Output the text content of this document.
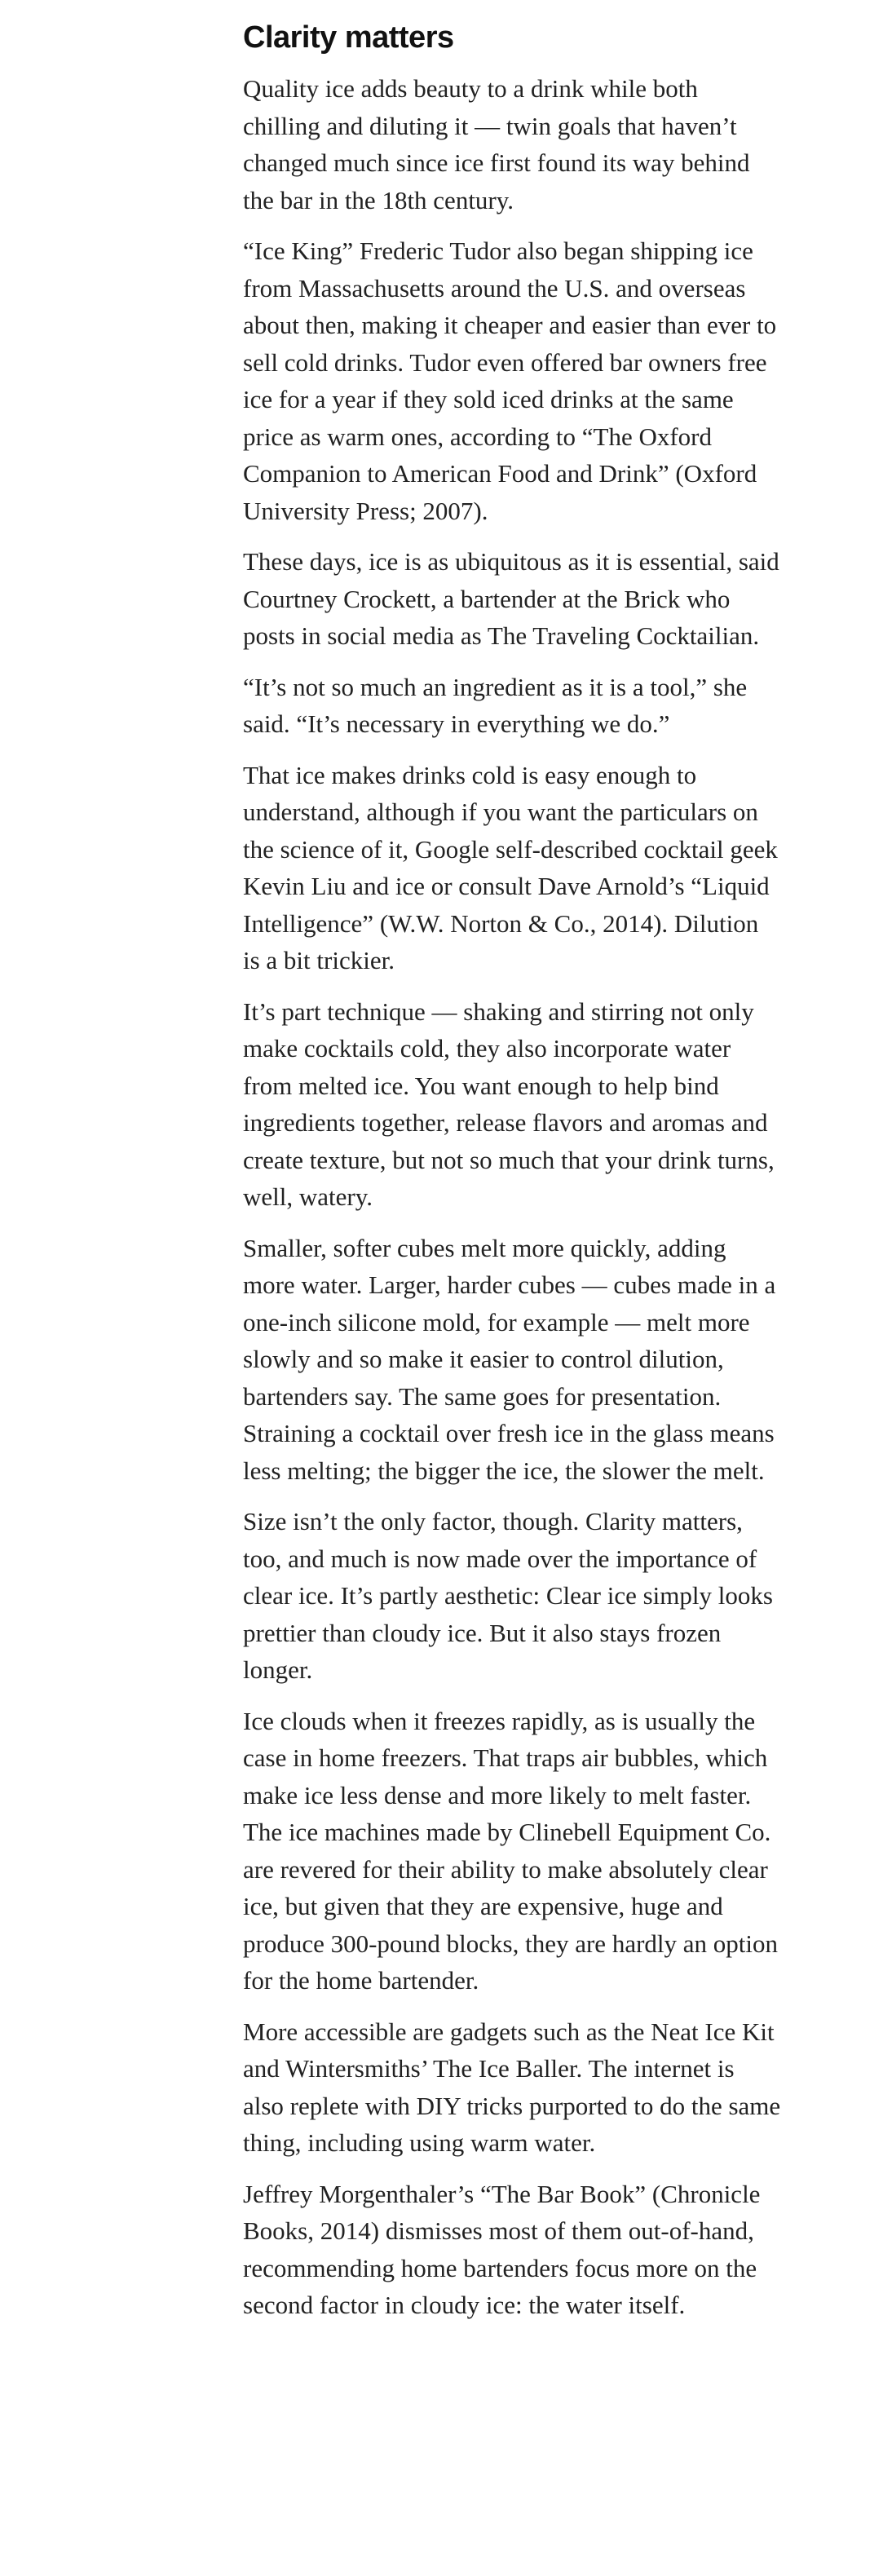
Clarity matters

Quality ice adds beauty to a drink while both chilling and diluting it — twin goals that haven’t changed much since ice first found its way behind the bar in the 18th century.

“Ice King” Frederic Tudor also began shipping ice from Massachusetts around the U.S. and overseas about then, making it cheaper and easier than ever to sell cold drinks. Tudor even offered bar owners free ice for a year if they sold iced drinks at the same price as warm ones, according to “The Oxford Companion to American Food and Drink” (Oxford University Press; 2007).

These days, ice is as ubiquitous as it is essential, said Courtney Crockett, a bartender at the Brick who posts in social media as The Traveling Cocktailian.

“It’s not so much an ingredient as it is a tool,” she said. “It’s necessary in everything we do.”

That ice makes drinks cold is easy enough to understand, although if you want the particulars on the science of it, Google self-described cocktail geek Kevin Liu and ice or consult Dave Arnold’s “Liquid Intelligence” (W.W. Norton & Co., 2014). Dilution is a bit trickier.

It’s part technique — shaking and stirring not only make cocktails cold, they also incorporate water from melted ice. You want enough to help bind ingredients together, release flavors and aromas and create texture, but not so much that your drink turns, well, watery.

Smaller, softer cubes melt more quickly, adding more water. Larger, harder cubes — cubes made in a one-inch silicone mold, for example — melt more slowly and so make it easier to control dilution, bartenders say. The same goes for presentation. Straining a cocktail over fresh ice in the glass means less melting; the bigger the ice, the slower the melt.

Size isn’t the only factor, though. Clarity matters, too, and much is now made over the importance of clear ice. It’s partly aesthetic: Clear ice simply looks prettier than cloudy ice. But it also stays frozen longer.

Ice clouds when it freezes rapidly, as is usually the case in home freezers. That traps air bubbles, which make ice less dense and more likely to melt faster. The ice machines made by Clinebell Equipment Co. are revered for their ability to make absolutely clear ice, but given that they are expensive, huge and produce 300-pound blocks, they are hardly an option for the home bartender.

More accessible are gadgets such as the Neat Ice Kit and Wintersmiths’ The Ice Baller. The internet is also replete with DIY tricks purported to do the same thing, including using warm water.

Jeffrey Morgenthaler’s “The Bar Book” (Chronicle Books, 2014) dismisses most of them out-of-hand, recommending home bartenders focus more on the second factor in cloudy ice: the water itself.
